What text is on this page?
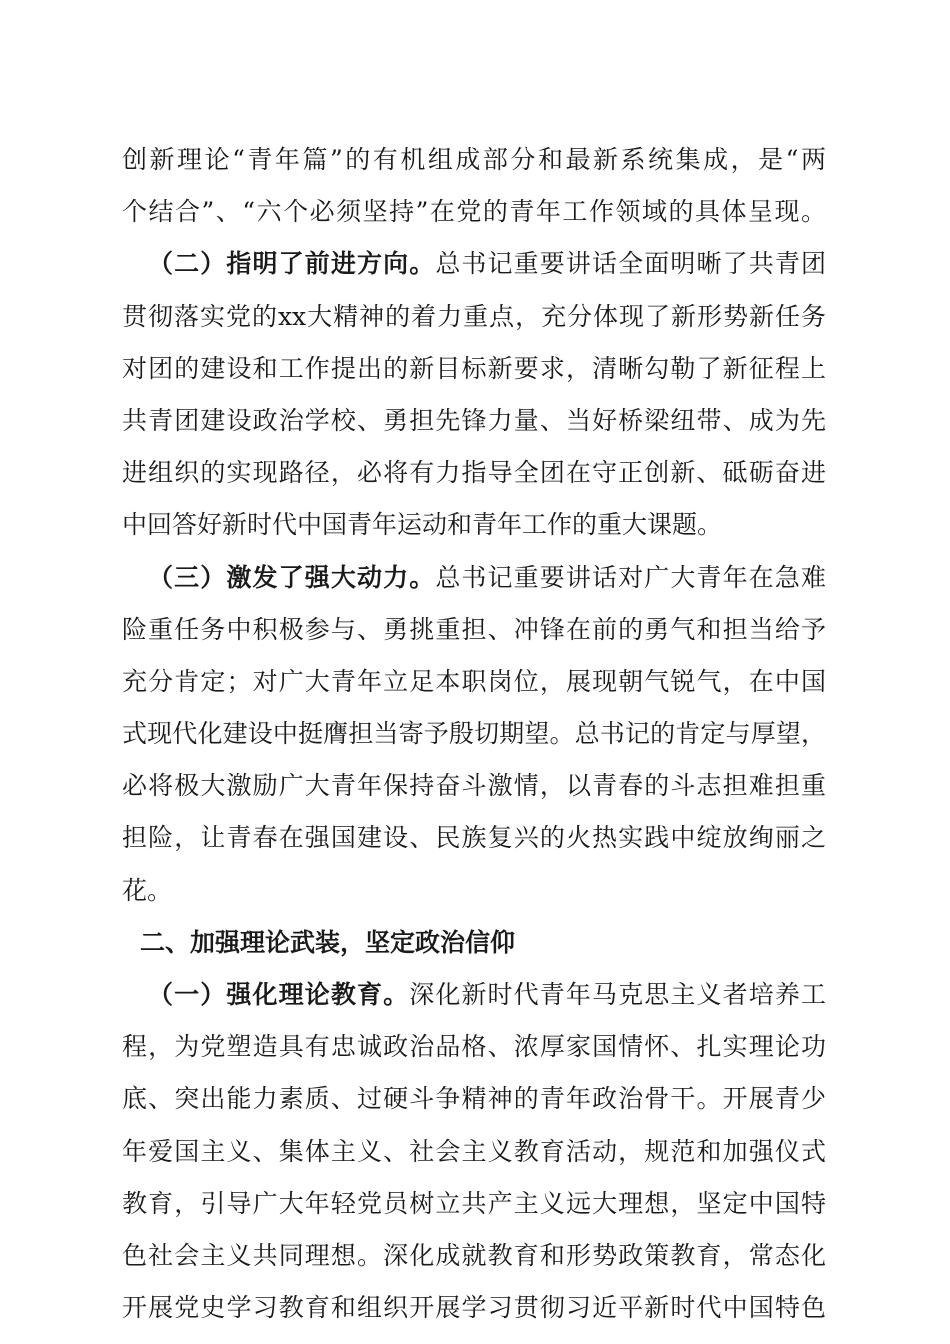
创新理论“青年篇”的有机组成部分和最新系统集成，是“两
个结合”、“六个必须坚持”在党的青年工作领域的具体呈现。
（二）指明了前进方向。总书记重要讲话全面明晰了共青团
贯彻落实党的xx大精神的着力重点，充分体现了新形势新任务
对团的建设和工作提出的新目标新要求，清晰勾勒了新征程上
共青团建设政治学校、勇担先锋力量、当好桥梁纽带、成为先
进组织的实现路径，必将有力指导全团在守正创新、砥砺奋进
中回答好新时代中国青年运动和青年工作的重大课题。
（三）激发了强大动力。总书记重要讲话对广大青年在急难
险重任务中积极参与、勇挑重担、冲锋在前的勇气和担当给予
充分肯定；对广大青年立足本职岗位，展现朝气锐气，在中国
式现代化建设中挺膺担当寄予殷切期望。总书记的肯定与厚望，
必将极大激励广大青年保持奋斗激情，以青春的斗志担难担重
担险，让青春在强国建设、民族复兴的火热实践中绽放绚丽之
花。
二、加强理论武装，坚定政治信仰
（一）强化理论教育。深化新时代青年马克思主义者培养工
程，为党塑造具有忠诚政治品格、浓厚家国情怀、扎实理论功
底、突出能力素质、过硬斗争精神的青年政治骨干。开展青少
年爱国主义、集体主义、社会主义教育活动，规范和加强仪式
教育，引导广大年轻党员树立共产主义远大理想，坚定中国特
色社会主义共同理想。深化成就教育和形势政策教育，常态化
开展党史学习教育和组织开展学习贯彻习近平新时代中国特色
